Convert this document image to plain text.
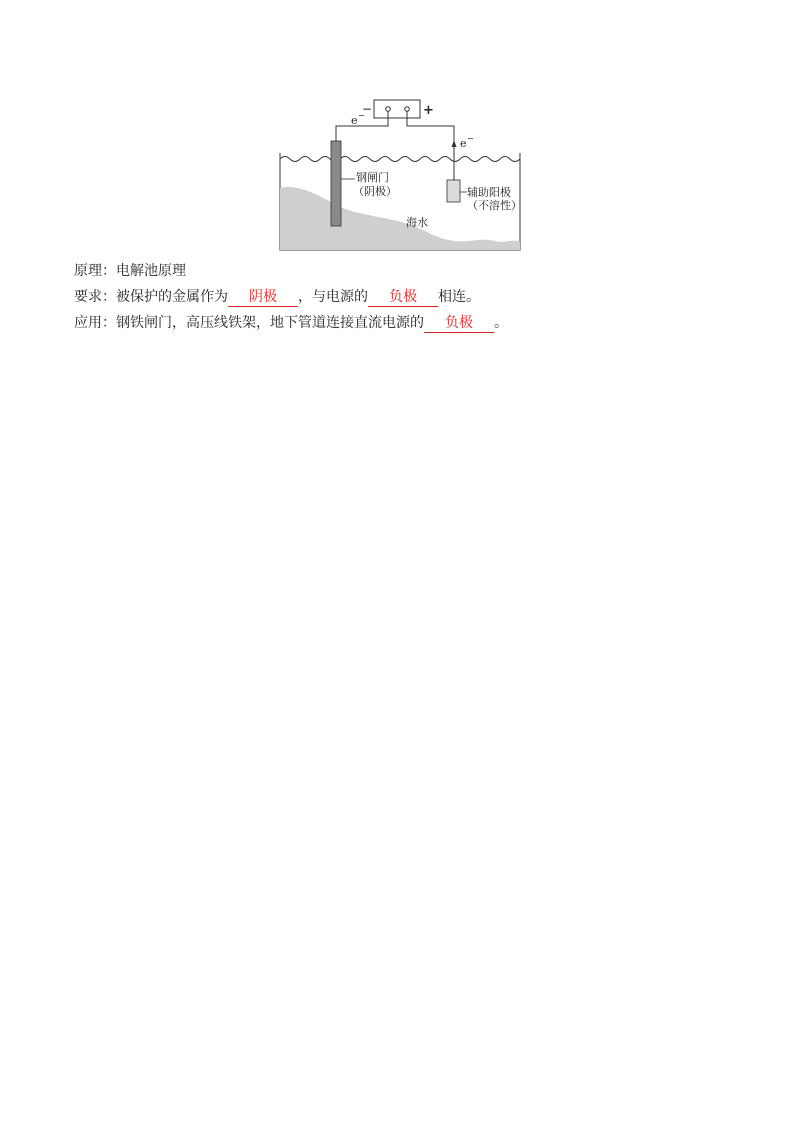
−	+
e −
e −
钢闸门
（阴极）	辅助阳极
（不溶性）
海水
原理：电解池原理
要求：被保护的金属作为 阴极 ，与电源的 负极 相连。
应用：钢铁闸门，高压线铁架，地下管道连接直流电源的 负极 。
